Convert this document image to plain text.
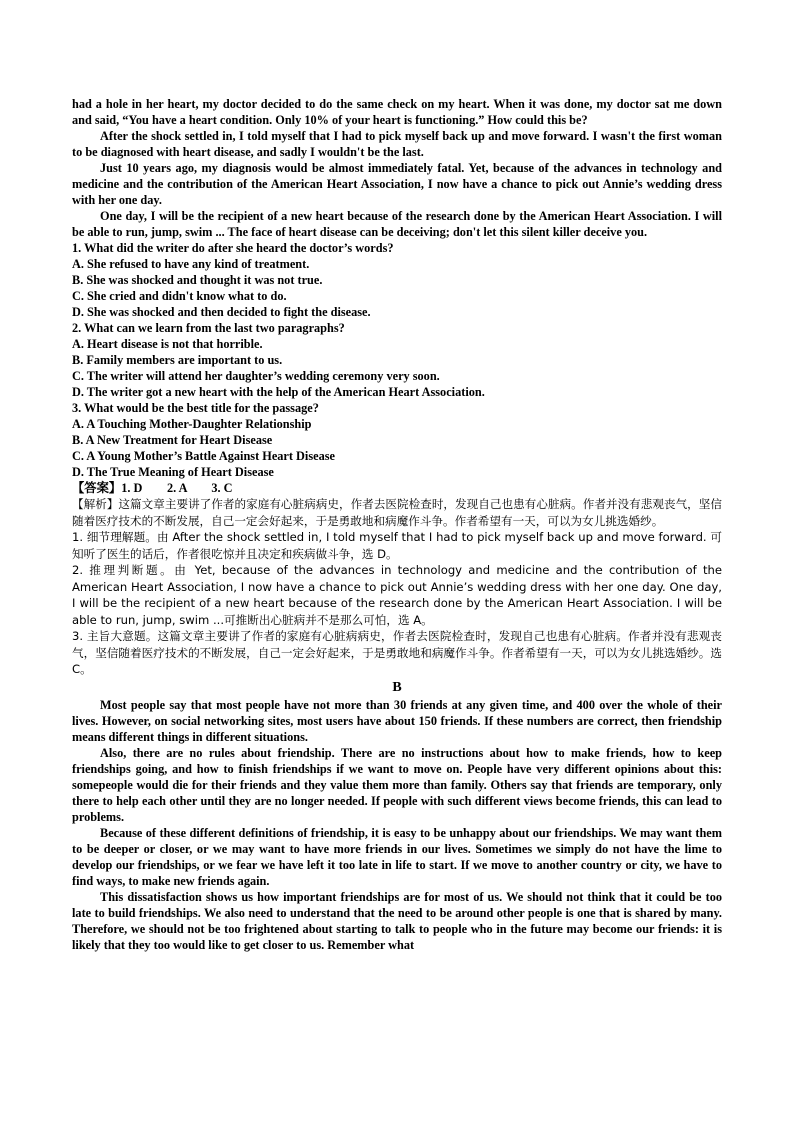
had a hole in her heart, my doctor decided to do the same check on my heart. When it was done, my doctor sat me down and said, “You have a heart condition. Only 10% of your heart is functioning.” How could this be?

After the shock settled in, I told myself that I had to pick myself back up and move forward. I wasn't the first woman to be diagnosed with heart disease, and sadly I wouldn't be the last.

Just 10 years ago, my diagnosis would be almost immediately fatal. Yet, because of the advances in technology and medicine and the contribution of the American Heart Association, I now have a chance to pick out Annie’s wedding dress with her one day.

One day, I will be the recipient of a new heart because of the research done by the American Heart Association. I will be able to run, jump, swim ... The face of heart disease can be deceiving; don't let this silent killer deceive you.

1. What did the writer do after she heard the doctor’s words?

A. She refused to have any kind of treatment.

B. She was shocked and thought it was not true.

C. She cried and didn't know what to do.

D. She was shocked and then decided to fight the disease.

2. What can we learn from the last two paragraphs?

A. Heart disease is not that horrible.

B. Family members are important to us.

C. The writer will attend her daughter’s wedding ceremony very soon.

D. The writer got a new heart with the help of the American Heart Association.

3. What would be the best title for the passage?

A. A Touching Mother-Daughter Relationship

B. A New Treatment for Heart Disease

C. A Young Mother’s Battle Against Heart Disease

D. The True Meaning of Heart Disease

【答案】1. D　　2. A　　3. C

【解析】这篇文章主要讲了作者的家庭有心脏病病史，作者去医院检查时，发现自己也患有心脏病。作者并没有悲观丧气，坚信随着医疗技术的不断发展，自己一定会好起来，于是勇敢地和病魔作斗争。作者希望有一天，可以为女儿挑选婚纱。

1. 细节理解题。由 After the shock settled in, I told myself that I had to pick myself back up and move forward. 可知听了医生的话后，作者很吃惊并且决定和疾病做斗争，选 D。

2. 推理判断题。由 Yet, because of the advances in technology and medicine and the contribution of the American Heart Association, I now have a chance to pick out Annie’s wedding dress with her one day. One day, I will be the recipient of a new heart because of the research done by the American Heart Association. I will be able to run, jump, swim ...可推断出心脏病并不是那么可怕，选 A。

3. 主旨大意题。这篇文章主要讲了作者的家庭有心脏病病史，作者去医院检查时，发现自己也患有心脏病。作者并没有悲观丧气，坚信随着医疗技术的不断发展，自己一定会好起来，于是勇敢地和病魔作斗争。作者希望有一天，可以为女儿挑选婚纱。选 C。

B

Most people say that most people have not more than 30 friends at any given time, and 400 over the whole of their lives. However, on social networking sites, most users have about 150 friends. If these numbers are correct, then friendship means different things in different situations.

Also, there are no rules about friendship. There are no instructions about how to make friends, how to keep friendships going, and how to finish friendships if we want to move on. People have very different opinions about this: somepeople would die for their friends and they value them more than family. Others say that friends are temporary, only there to help each other until they are no longer needed. If people with such different views become friends, this can lead to problems.

Because of these different definitions of friendship, it is easy to be unhappy about our friendships. We may want them to be deeper or closer, or we may want to have more friends in our lives. Sometimes we simply do not have the lime to develop our friendships, or we fear we have left it too late in life to start. If we move to another country or city, we have to find ways, to make new friends again.

This dissatisfaction shows us how important friendships are for most of us. We should not think that it could be too late to build friendships. We also need to understand that the need to be around other people is one that is shared by many. Therefore, we should not be too frightened about starting to talk to people who in the future may become our friends: it is likely that they too would like to get closer to us. Remember what
